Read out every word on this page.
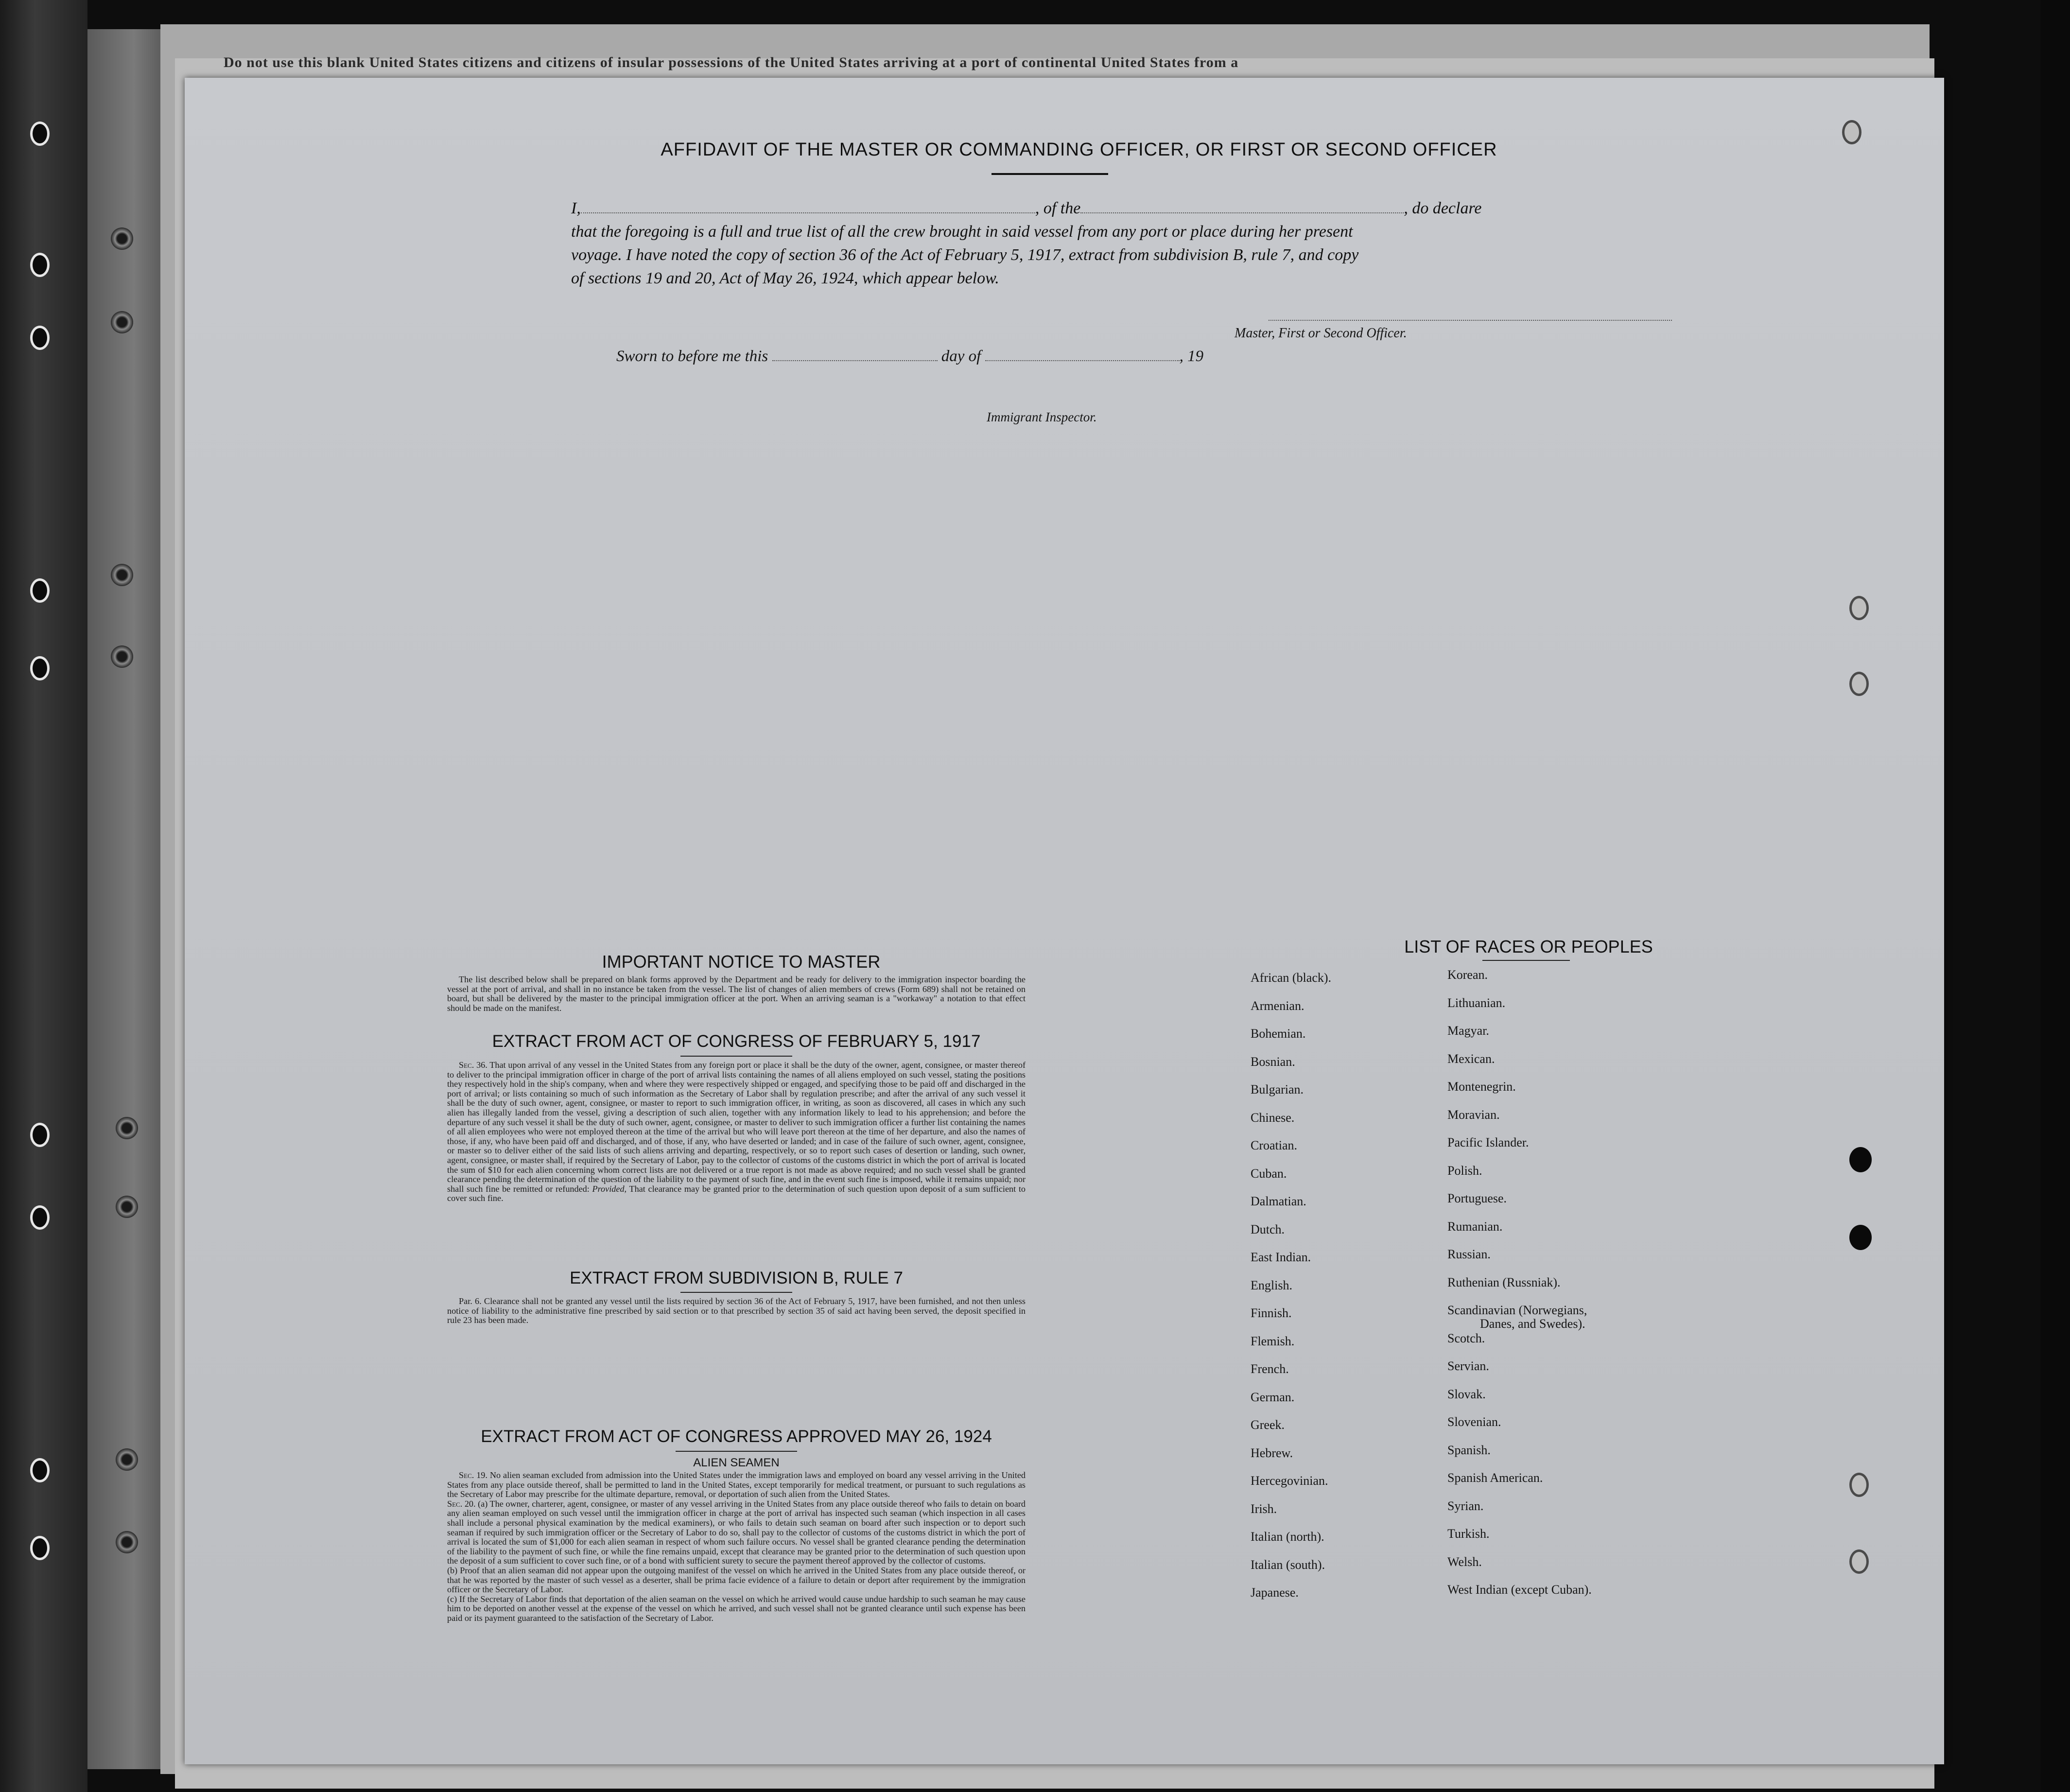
Do not use this blank United States citizens and citizens of insular possessions of the United States arriving at a port of continental United States from a
AFFIDAVIT OF THE MASTER OR COMMANDING OFFICER, OR FIRST OR SECOND OFFICER
I,	, of the	, do declare
that the foregoing is a full and true list of all the crew brought in said vessel from any port or place during her present
voyage. I have noted the copy of section 36 of the Act of February 5, 1917, extract from subdivision B, rule 7, and copy
of sections 19 and 20, Act of May 26, 1924, which appear below.
Master, First or Second Officer.
Sworn to before me this	day of	, 19
Immigrant Inspector.
IMPORTANT NOTICE TO MASTER
The list described below shall be prepared on blank forms approved by the Department and be ready for delivery to the immigration inspector boarding the vessel at the port of arrival, and shall in no instance be taken from the vessel. The list of changes of alien members of crews (Form 689) shall not be retained on board, but shall be delivered by the master to the principal immigration officer at the port. When an arriving seaman is a "workaway" a notation to that effect should be made on the manifest.
EXTRACT FROM ACT OF CONGRESS OF FEBRUARY 5, 1917
Sec. 36. That upon arrival of any vessel in the United States from any foreign port or place it shall be the duty of the owner, agent, consignee, or master thereof to deliver to the principal immigration officer in charge of the port of arrival lists containing the names of all aliens employed on such vessel, stating the positions they respectively hold in the ship's company, when and where they were respectively shipped or engaged, and specifying those to be paid off and discharged in the port of arrival; or lists containing so much of such information as the Secretary of Labor shall by regulation prescribe; and after the arrival of any such vessel it shall be the duty of such owner, agent, consignee, or master to report to such immigration officer, in writing, as soon as discovered, all cases in which any such alien has illegally landed from the vessel, giving a description of such alien, together with any information likely to lead to his apprehension; and before the departure of any such vessel it shall be the duty of such owner, agent, consignee, or master to deliver to such immigration officer a further list containing the names of all alien employees who were not employed thereon at the time of the arrival but who will leave port thereon at the time of her departure, and also the names of those, if any, who have been paid off and discharged, and of those, if any, who have deserted or landed; and in case of the failure of such owner, agent, consignee, or master so to deliver either of the said lists of such aliens arriving and departing, respectively, or so to report such cases of desertion or landing, such owner, agent, consignee, or master shall, if required by the Secretary of Labor, pay to the collector of customs of the customs district in which the port of arrival is located the sum of $10 for each alien concerning whom correct lists are not delivered or a true report is not made as above required; and no such vessel shall be granted clearance pending the determination of the question of the liability to the payment of such fine, and in the event such fine is imposed, while it remains unpaid; nor shall such fine be remitted or refunded: Provided, That clearance may be granted prior to the determination of such question upon deposit of a sum sufficient to cover such fine.
EXTRACT FROM SUBDIVISION B, RULE 7
Par. 6. Clearance shall not be granted any vessel until the lists required by section 36 of the Act of February 5, 1917, have been furnished, and not then unless notice of liability to the administrative fine prescribed by said section or to that prescribed by section 35 of said act having been served, the deposit specified in rule 23 has been made.
EXTRACT FROM ACT OF CONGRESS APPROVED MAY 26, 1924
ALIEN SEAMEN
Sec. 19. No alien seaman excluded from admission into the United States under the immigration laws and employed on board any vessel arriving in the United States from any place outside thereof, shall be permitted to land in the United States, except temporarily for medical treatment, or pursuant to such regulations as the Secretary of Labor may prescribe for the ultimate departure, removal, or deportation of such alien from the United States.
Sec. 20. (a) The owner, charterer, agent, consignee, or master of any vessel arriving in the United States from any place outside thereof who fails to detain on board any alien seaman employed on such vessel until the immigration officer in charge at the port of arrival has inspected such seaman (which inspection in all cases shall include a personal physical examination by the medical examiners), or who fails to detain such seaman on board after such inspection or to deport such seaman if required by such immigration officer or the Secretary of Labor to do so, shall pay to the collector of customs of the customs district in which the port of arrival is located the sum of $1,000 for each alien seaman in respect of whom such failure occurs. No vessel shall be granted clearance pending the determination of the liability to the payment of such fine, or while the fine remains unpaid, except that clearance may be granted prior to the determination of such question upon the deposit of a sum sufficient to cover such fine, or of a bond with sufficient surety to secure the payment thereof approved by the collector of customs.
(b) Proof that an alien seaman did not appear upon the outgoing manifest of the vessel on which he arrived in the United States from any place outside thereof, or that he was reported by the master of such vessel as a deserter, shall be prima facie evidence of a failure to detain or deport after requirement by the immigration officer or the Secretary of Labor.
(c) If the Secretary of Labor finds that deportation of the alien seaman on the vessel on which he arrived would cause undue hardship to such seaman he may cause him to be deported on another vessel at the expense of the vessel on which he arrived, and such vessel shall not be granted clearance until such expense has been paid or its payment guaranteed to the satisfaction of the Secretary of Labor.
LIST OF RACES OR PEOPLES
African (black).
Armenian.
Bohemian.
Bosnian.
Bulgarian.
Chinese.
Croatian.
Cuban.
Dalmatian.
Dutch.
East Indian.
English.
Finnish.
Flemish.
French.
German.
Greek.
Hebrew.
Hercegovinian.
Irish.
Italian (north).
Italian (south).
Japanese.
Korean.
Lithuanian.
Magyar.
Mexican.
Montenegrin.
Moravian.
Pacific Islander.
Polish.
Portuguese.
Rumanian.
Russian.
Ruthenian (Russniak).
Scandinavian (Norwegians,
Danes, and Swedes).
Scotch.
Servian.
Slovak.
Slovenian.
Spanish.
Spanish American.
Syrian.
Turkish.
Welsh.
West Indian (except Cuban).
